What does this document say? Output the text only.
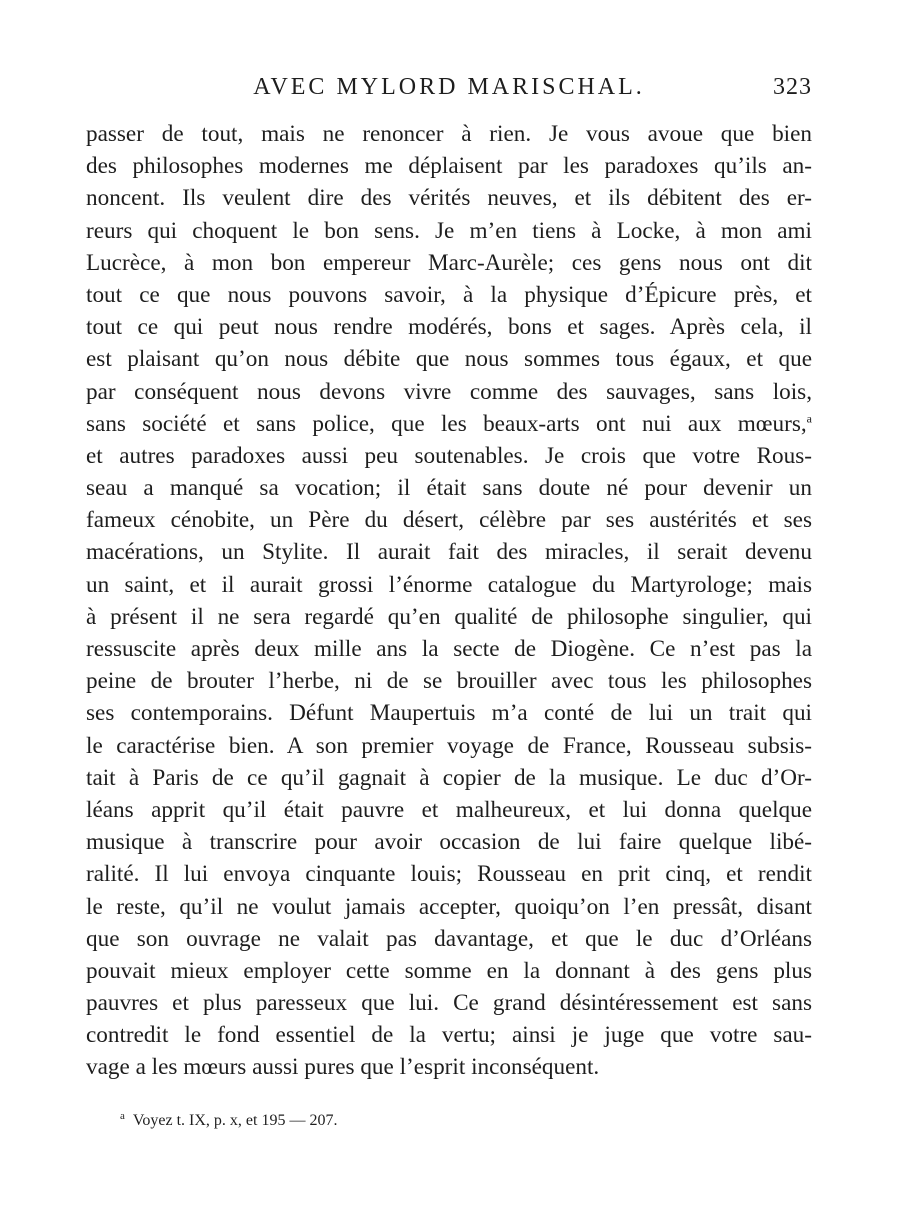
AVEC MYLORD MARISCHAL.	323
passer de tout, mais ne renoncer à rien. Je vous avoue que bien
des philosophes modernes me déplaisent par les paradoxes qu’ils an-
noncent. Ils veulent dire des vérités neuves, et ils débitent des er-
reurs qui choquent le bon sens. Je m’en tiens à Locke, à mon ami
Lucrèce, à mon bon empereur Marc-Aurèle; ces gens nous ont dit
tout ce que nous pouvons savoir, à la physique d’Épicure près, et
tout ce qui peut nous rendre modérés, bons et sages. Après cela, il
est plaisant qu’on nous débite que nous sommes tous égaux, et que
par conséquent nous devons vivre comme des sauvages, sans lois,
sans société et sans police, que les beaux-arts ont nui aux mœurs,$^a$
et autres paradoxes aussi peu soutenables. Je crois que votre Rous-
seau a manqué sa vocation; il était sans doute né pour devenir un
fameux cénobite, un Père du désert, célèbre par ses austérités et ses
macérations, un Stylite. Il aurait fait des miracles, il serait devenu
un saint, et il aurait grossi l’énorme catalogue du Martyrologe; mais
à présent il ne sera regardé qu’en qualité de philosophe singulier, qui
ressuscite après deux mille ans la secte de Diogène. Ce n’est pas la
peine de brouter l’herbe, ni de se brouiller avec tous les philosophes
ses contemporains. Défunt Maupertuis m’a conté de lui un trait qui
le caractérise bien. A son premier voyage de France, Rousseau subsis-
tait à Paris de ce qu’il gagnait à copier de la musique. Le duc d’Or-
léans apprit qu’il était pauvre et malheureux, et lui donna quelque
musique à transcrire pour avoir occasion de lui faire quelque libé-
ralité. Il lui envoya cinquante louis; Rousseau en prit cinq, et rendit
le reste, qu’il ne voulut jamais accepter, quoiqu’on l’en pressât, disant
que son ouvrage ne valait pas davantage, et que le duc d’Orléans
pouvait mieux employer cette somme en la donnant à des gens plus
pauvres et plus paresseux que lui. Ce grand désintéressement est sans
contredit le fond essentiel de la vertu; ainsi je juge que votre sau-
vage a les mœurs aussi pures que l’esprit inconséquent.
$^a$ Voyez t. IX, p. x, et 195 — 207.
